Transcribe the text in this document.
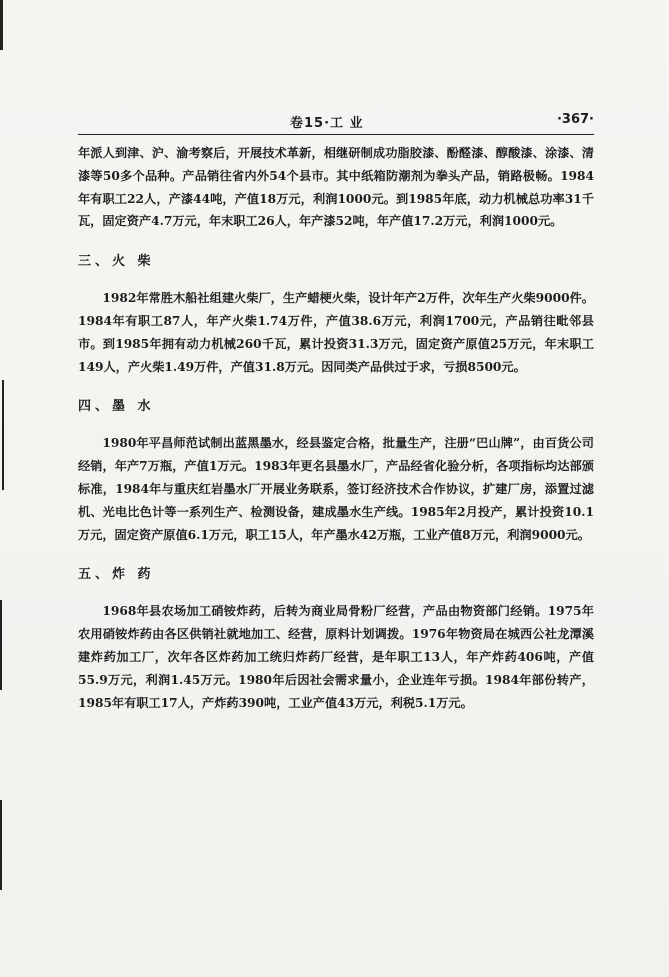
卷15·工 业	·367·

年派人到津、沪、渝考察后，开展技术革新，相继研制成功脂胶漆、酚醛漆、醇酸漆、涂漆、清漆等50多个品种。产品销往省内外54个县市。其中纸箱防潮剂为拳头产品，销路极畅。1984年有职工22人，产漆44吨，产值18万元，利润1000元。到1985年底，动力机械总功率31千瓦，固定资产4.7万元，年末职工26人，年产漆52吨，年产值17.2万元，利润1000元。

三、火 柴

1982年常胜木船社组建火柴厂，生产蜡梗火柴，设计年产2万件，次年生产火柴9000件。1984年有职工87人，年产火柴1.74万件，产值38.6万元，利润1700元，产品销往毗邻县市。到1985年拥有动力机械260千瓦，累计投资31.3万元，固定资产原值25万元，年末职工149人，产火柴1.49万件，产值31.8万元。因同类产品供过于求，亏损8500元。

四、墨 水

1980年平昌师范试制出蓝黑墨水，经县鉴定合格，批量生产，注册“巴山牌”，由百货公司经销，年产7万瓶，产值1万元。1983年更名县墨水厂，产品经省化验分析，各项指标均达部颁标准，1984年与重庆红岩墨水厂开展业务联系，签订经济技术合作协议，扩建厂房，添置过滤机、光电比色计等一系列生产、检测设备，建成墨水生产线。1985年2月投产，累计投资10.1万元，固定资产原值6.1万元，职工15人，年产墨水42万瓶，工业产值8万元，利润9000元。

五、炸 药

1968年县农场加工硝铵炸药，后转为商业局骨粉厂经营，产品由物资部门经销。1975年农用硝铵炸药由各区供销社就地加工、经营，原料计划调拨。1976年物资局在城西公社龙潭溪建炸药加工厂，次年各区炸药加工统归炸药厂经营，是年职工13人，年产炸药406吨，产值55.9万元，利润1.45万元。1980年后因社会需求量小，企业连年亏损。1984年部份转产，1985年有职工17人，产炸药390吨，工业产值43万元，利税5.1万元。
